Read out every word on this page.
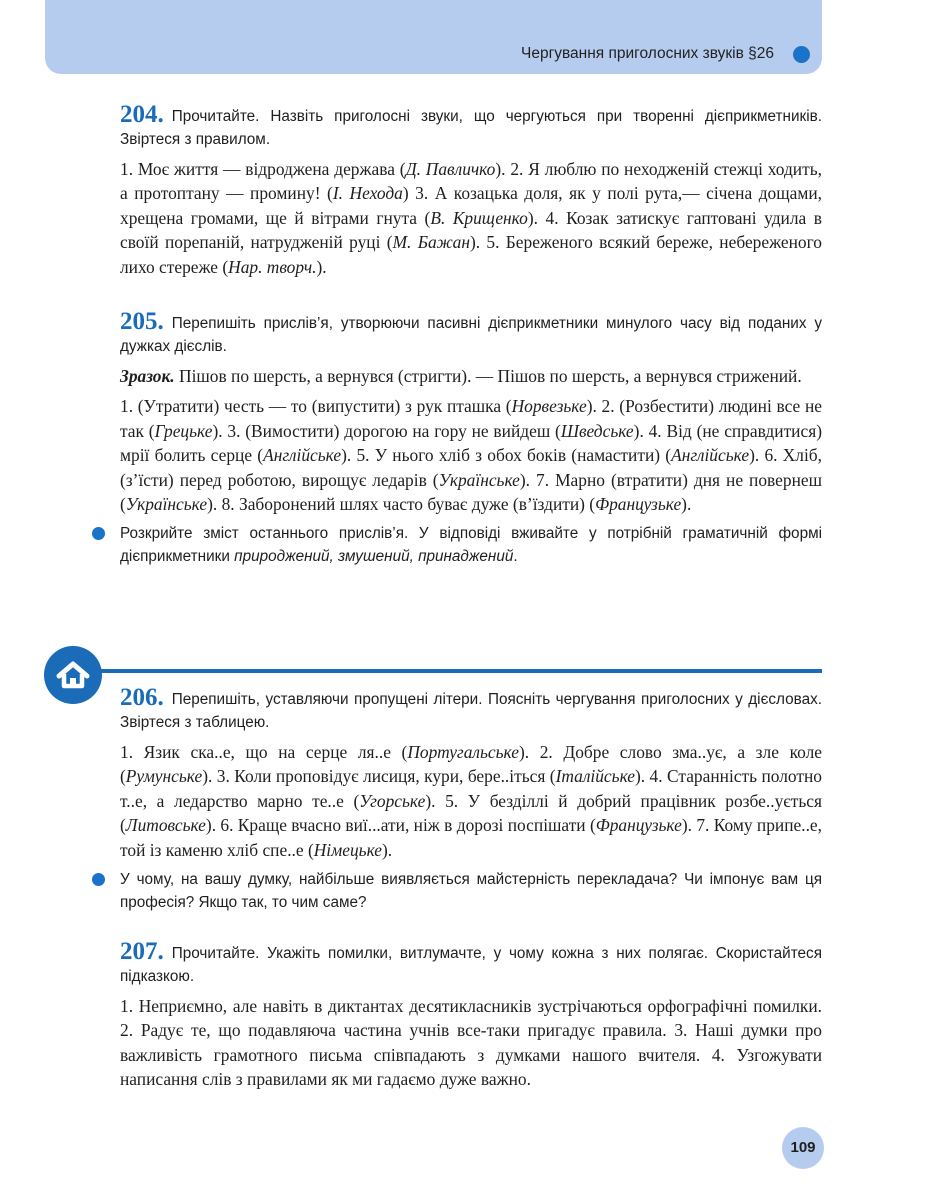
Чергування приголосних звуків §26

204. Прочитайте. Назвіть приголосні звуки, що чергуються при творенні дієприкметників. Звіртеся з правилом.

1. Моє життя — відроджена держава (Д. Павличко). 2. Я люблю по неходженій стежці ходить, а протоптану — промину! (І. Нехода) 3. А козацька доля, як у полі рута,— січена дощами, хрещена громами, ще й вітрами гнута (В. Крищенко). 4. Козак затискує гаптовані удила в своїй порепаній, натрудженій руці (М. Бажан). 5. Береженого всякий береже, небереженого лихо стереже (Нар. творч.).

205. Перепишіть прислів’я, утворюючи пасивні дієприкметники минулого часу від поданих у дужках дієслів.

Зразок. Пішов по шерсть, а вернувся (стригти). — Пішов по шерсть, а вернувся стрижений.

1. (Утратити) честь — то (випустити) з рук пташка (Норвезьке). 2. (Розбестити) людині все не так (Грецьке). 3. (Вимостити) дорогою на гору не вийдеш (Шведське). 4. Від (не справдитися) мрії болить серце (Англійське). 5. У нього хліб з обох боків (намастити) (Англійське). 6. Хліб, (з’їсти) перед роботою, вирощує ледарів (Українське). 7. Марно (втратити) дня не повернеш (Українське). 8. Заборонений шлях часто буває дуже (в’їздити) (Французьке).

Розкрийте зміст останнього прислів’я. У відповіді вживайте у потрібній граматичній формі дієприкметники природжений, змушений, принаджений.

206. Перепишіть, уставляючи пропущені літери. Поясніть чергування приголосних у дієсловах. Звіртеся з таблицею.

1. Язик ска..е, що на серце ля..е (Португальське). 2. Добре слово зма..ує, а зле коле (Румунське). 3. Коли проповідує лисиця, кури, бере..іться (Італійське). 4. Старанність полотно т..е, а ледарство марно те..е (Угорське). 5. У безділлі й добрий працівник розбе..ується (Литовське). 6. Краще вчасно виї...ати, ніж в дорозі поспішати (Французьке). 7. Кому припе..е, той із каменю хліб спе..е (Німецьке).

У чому, на вашу думку, найбільше виявляється майстерність перекладача? Чи імпонує вам ця професія? Якщо так, то чим саме?

207. Прочитайте. Укажіть помилки, витлумачте, у чому кожна з них полягає. Скористайтеся підказкою.

1. Неприємно, але навіть в диктантах десятикласників зустрічаються орфографічні помилки. 2. Радує те, що подавляюча частина учнів все-таки пригадує правила. 3. Наші думки про важливість грамотного письма співпадають з думками нашого вчителя. 4. Узгожувати написання слів з правилами як ми гадаємо дуже важно.

109
